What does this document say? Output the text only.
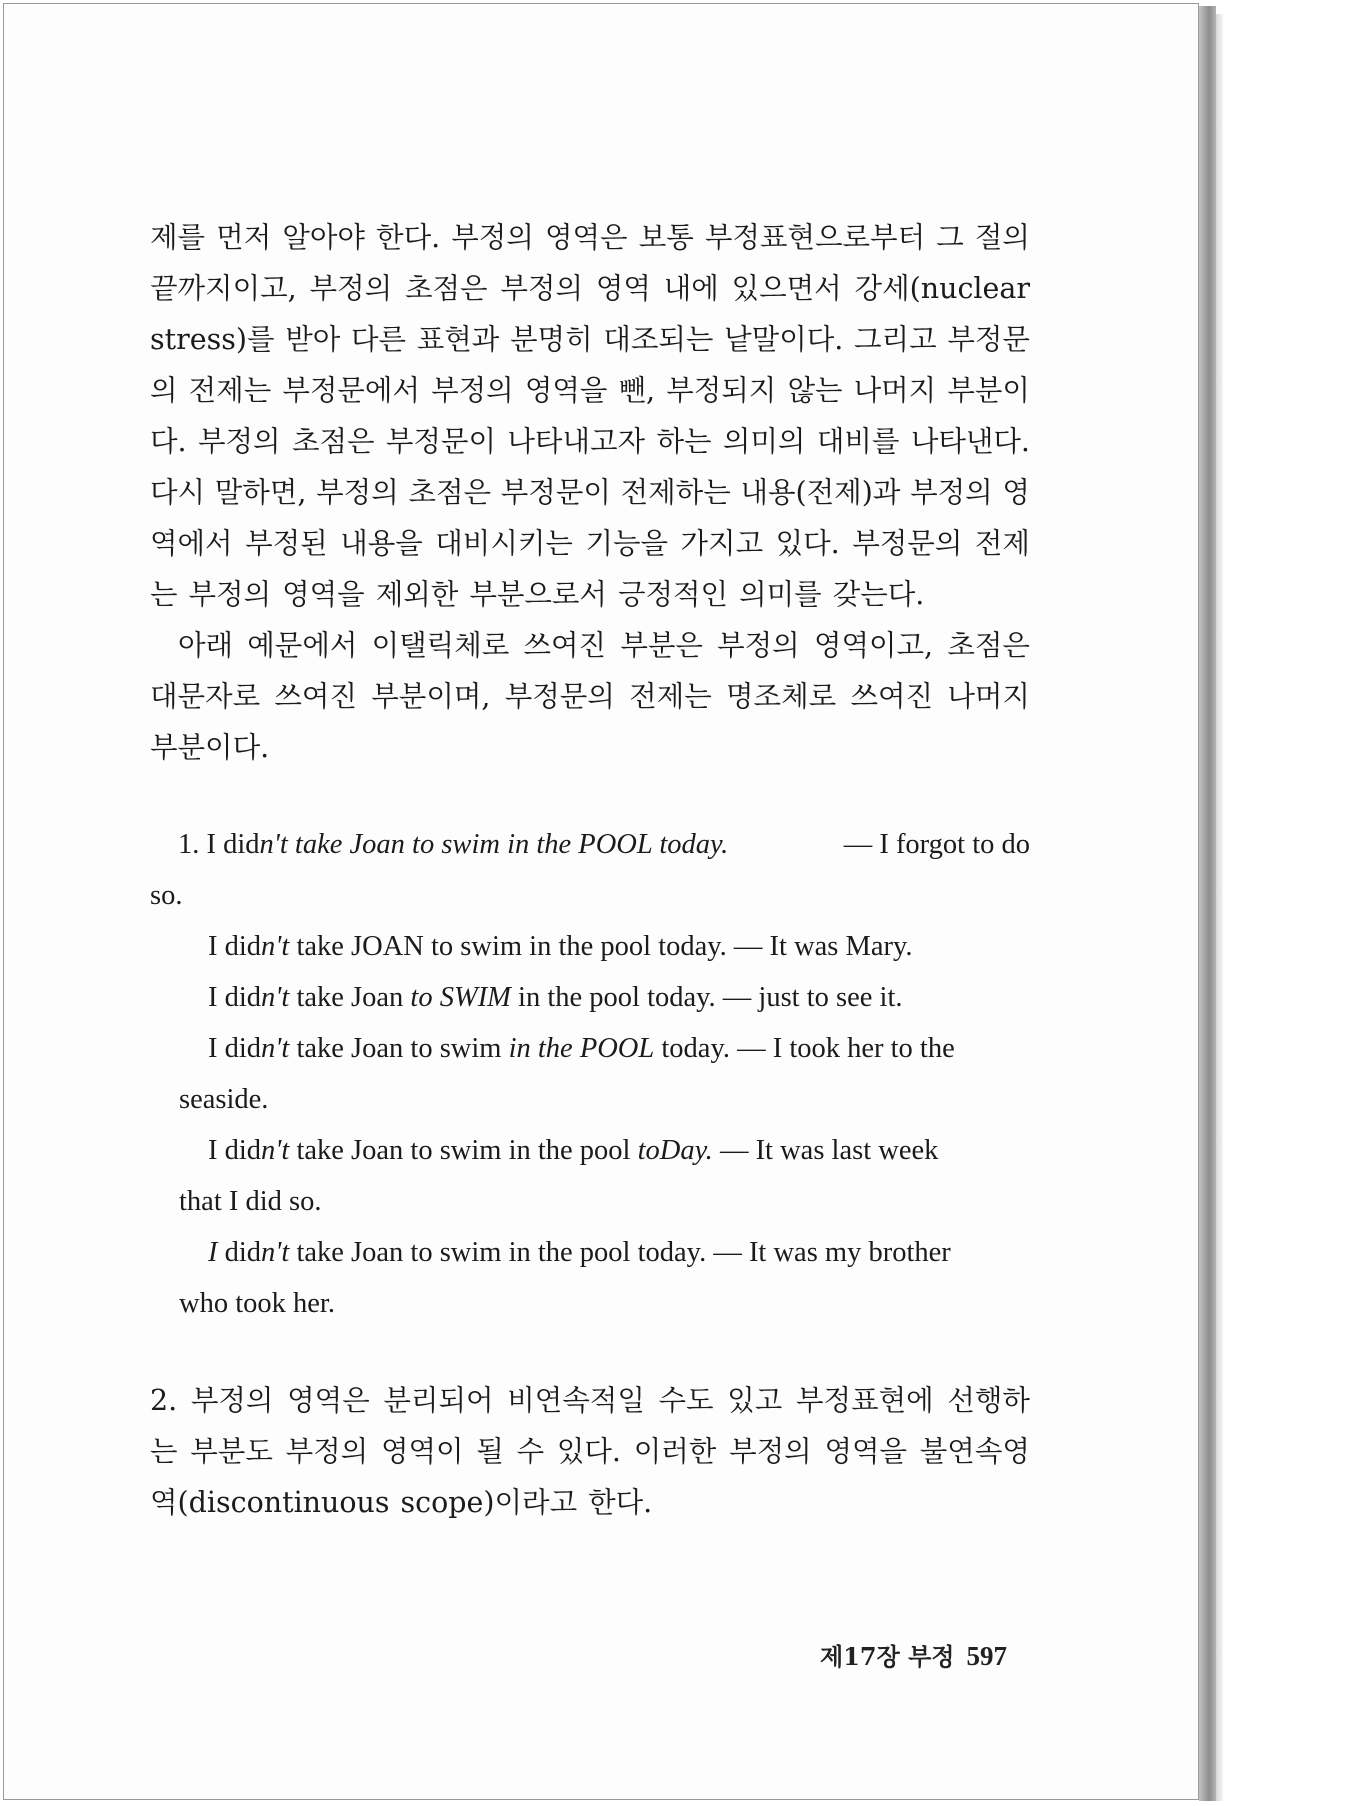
제를 먼저 알아야 한다. 부정의 영역은 보통 부정표현으로부터 그 절의

끝까지이고, 부정의 초점은 부정의 영역 내에 있으면서 강세(nuclear

stress)를 받아 다른 표현과 분명히 대조되는 낱말이다. 그리고 부정문

의 전제는 부정문에서 부정의 영역을 뺀, 부정되지 않는 나머지 부분이

다. 부정의 초점은 부정문이 나타내고자 하는 의미의 대비를 나타낸다.

다시 말하면, 부정의 초점은 부정문이 전제하는 내용(전제)과 부정의 영

역에서 부정된 내용을 대비시키는 기능을 가지고 있다. 부정문의 전제

는 부정의 영역을 제외한 부분으로서 긍정적인 의미를 갖는다.

아래 예문에서 이탤릭체로 쓰여진 부분은 부정의 영역이고, 초점은

대문자로 쓰여진 부분이며, 부정문의 전제는 명조체로 쓰여진 나머지

부분이다.

1. I didn't take Joan to swim in the POOL today.	— I forgot to do
so.
I didn't take JOAN to swim in the pool today. — It was Mary.
I didn't take Joan to SWIM in the pool today. — just to see it.
I didn't take Joan to swim in the POOL today. — I took her to the
seaside.
I didn't take Joan to swim in the pool toDay. — It was last week
that I did so.
I didn't take Joan to swim in the pool today. — It was my brother
who took her.

2. 부정의 영역은 분리되어 비연속적일 수도 있고 부정표현에 선행하

는 부분도 부정의 영역이 될 수 있다. 이러한 부정의 영역을 불연속영

역(discontinuous scope)이라고 한다.

제17장 부정 597
